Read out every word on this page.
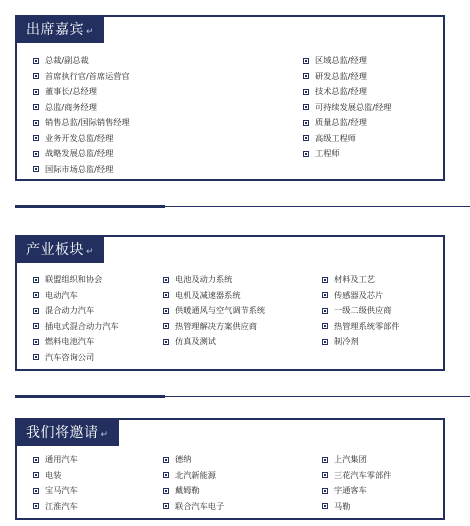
出席嘉宾 ↵
总裁/副总裁
首席执行官/首席运营官
董事长/总经理
总监/商务经理
销售总监/国际销售经理
业务开发总监/经理
战略发展总监/经理
国际市场总监/经理
区域总监/经理
研发总监/经理
技术总监/经理
可持续发展总监/经理
质量总监/经理
高级工程师
工程师
产业板块 ↵
联盟组织和协会
电动汽车
混合动力汽车
插电式混合动力汽车
燃料电池汽车
汽车咨询公司
电池及动力系统
电机及减速器系统
供暖通风与空气调节系统
热管理解决方案供应商
仿真及测试
材料及工艺
传感器及芯片
一级二级供应商
热管理系统零部件
制冷剂
我们将邀请 ↵
通用汽车
电装
宝马汽车
江淮汽车
德纳
北汽新能源
戴姆勒
联合汽车电子
上汽集团
三花汽车零部件
宇通客车
马勒
